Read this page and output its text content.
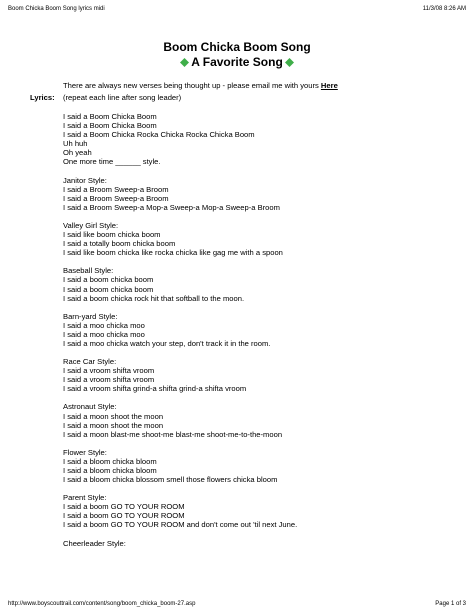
Boom Chicka Boom Song lyrics midi	11/3/08 8:26 AM
Boom Chicka Boom Song
A Favorite Song
There are always new verses being thought up - please email me with yours Here
Lyrics: (repeat each line after song leader)
I said a Boom Chicka Boom
I said a Boom Chicka Boom
I said a Boom Chicka Rocka Chicka Rocka Chicka Boom
Uh huh
Oh yeah
One more time ______ style.
Janitor Style:
I said a Broom Sweep-a Broom
I said a Broom Sweep-a Broom
I said a Broom Sweep-a Mop-a Sweep-a Mop-a Sweep-a Broom
Valley Girl Style:
I said like boom chicka boom
I said a totally boom chicka boom
I said like boom chicka like rocka chicka like gag me with a spoon
Baseball Style:
I said a boom chicka boom
I said a boom chicka boom
I said a boom chicka rock hit that softball to the moon.
Barn-yard Style:
I said a moo chicka moo
I said a moo chicka moo
I said a moo chicka watch your step, don't track it in the room.
Race Car Style:
I said a vroom shifta vroom
I said a vroom shifta vroom
I said a vroom shifta grind-a shifta grind-a shifta vroom
Astronaut Style:
I said a moon shoot the moon
I said a moon shoot the moon
I said a moon blast-me shoot-me blast-me shoot-me-to-the-moon
Flower Style:
I said a bloom chicka bloom
I said a bloom chicka bloom
I said a bloom chicka blossom smell those flowers chicka bloom
Parent Style:
I said a boom GO TO YOUR ROOM
I said a boom GO TO YOUR ROOM
I said a boom GO TO YOUR ROOM and don't come out 'til next June.
Cheerleader Style:
http://www.boyscouttrail.com/content/song/boom_chicka_boom-27.asp	Page 1 of 3
